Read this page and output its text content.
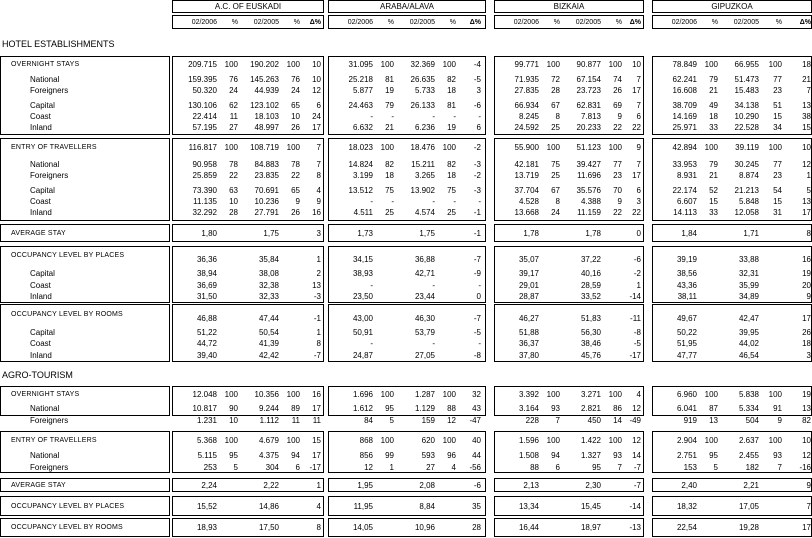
A.C. OF EUSKADI
02/2006	%	02/2005	%	Δ%
ARABA/ALAVA
02/2006	%	02/2005	%	Δ%
BIZKAIA
02/2006	%	02/2005	%	Δ%
GIPUZKOA
02/2006	%	02/2005	%	Δ%
HOTEL ESTABLISHMENTS
OVERNIGHT STAYS	209.715 100	190.202 100	10	31.095 100	32.369 100	-4	99.771 100	90.877 100	10	78.849 100	66.955	100	18
National	159.395	76	145.263	76	10	25.218	81	26.635	82	-5	71.935	72	67.154	74	7	62.241	79	51.473	77	21
Foreigners	50.320	24	44.939	24	12	5.877	19	5.733	18	3	27.835	28	23.723	26	17	16.608	21	15.483	23	7
Capital	130.106	62	123.102	65	6	24.463	79	26.133	81	-6	66.934	67	62.831	69	7	38.709	49	34.138	51	13
Coast	22.414	11	18.103	10	24	-	-	-	-	-	8.245	8	7.813	9	6	14.169	18	10.290	15	38
Inland	57.195	27	48.997	26	17	6.632	21	6.236	19	6	24.592	25	20.233	22	22	25.971	33	22.528	34	15
ENTRY OF TRAVELLERS	116.817 100	108.719 100	7	18.023 100	18.476 100	-2	55.900 100	51.123 100	9	42.894 100	39.119	100	10
National	90.958	78	84.883	78	7	14.824	82	15.211	82	-3	42.181	75	39.427	77	7	33.953	79	30.245	77	12
Foreigners	25.859	22	23.835	22	8	3.199	18	3.265	18	-2	13.719	25	11.696	23	17	8.931	21	8.874	23	1
Capital	73.390	63	70.691	65	4	13.512	75	13.902	75	-3	37.704	67	35.576	70	6	22.174	52	21.213	54	5
Coast	11.135	10	10.236	9	9	-	-	-	-	-	4.528	8	4.388	9	3	6.607	15	5.848	15	13
Inland	32.292	28	27.791	26	16	4.511	25	4.574	25	-1	13.668	24	11.159	22	22	14.113	33	12.058	31	17
AVERAGE STAY	1,80	1,75	3	1,73	1,75	-1	1,78	1,78	0	1,84	1,71	8
OCCUPANCY LEVEL BY PLACES	36,36	35,84	1	34,15	36,88	-7	35,07	37,22	-6	39,19	33,88	16
Capital	38,94	38,08	2	38,93	42,71	-9	39,17	40,16	-2	38,56	32,31	19
Coast	36,69	32,38	13	-	-	-	29,01	28,59	1	43,36	35,99	20
Inland	31,50	32,33	-3	23,50	23,44	0	28,87	33,52	-14	38,11	34,89	9
OCCUPANCY LEVEL BY ROOMS	46,88	47,44	-1	43,00	46,30	-7	46,27	51,83	-11	49,67	42,47	17
Capital	51,22	50,54	1	50,91	53,79	-5	51,88	56,30	-8	50,22	39,95	26
Coast	44,72	41,39	8	-	-	-	36,37	38,46	-5	51,95	44,02	18
Inland	39,40	42,42	-7	24,87	27,05	-8	37,80	45,76	-17	47,77	46,54	3
AGRO-TOURISM
OVERNIGHT STAYS	12.048 100	10.356 100	16	1.696 100	1.287 100	32	3.392 100	3.271 100	4	6.960 100	5.838	100	19
National	10.817	90	9.244	89	17	1.612	95	1.129	88	43	3.164	93	2.821	86	12	6.041	87	5.334	91	13
Foreigners	1.231	10	1.112	11	11	84	5	159	12	-47	228	7	450	14 -49	919	13	504	9	82
ENTRY OF TRAVELLERS	5.368 100	4.679 100	15	868 100	620 100	40	1.596 100	1.422 100	12	2.904 100	2.637	100	10
National	5.115	95	4.375	94	17	856	99	593	96	44	1.508	94	1.327	93	14	2.751	95	2.455	93	12
Foreigners	253	5	304	6	-17	12	1	27	4	-56	88	6	95	7	-7	153	5	182	7	-16
AVERAGE STAY	2,24	2,22	1	1,95	2,08	-6	2,13	2,30	-7	2,40	2,21	9
OCCUPANCY LEVEL BY PLACES	15,52	14,86	4	11,95	8,84	35	13,34	15,45	-14	18,32	17,05	7
OCCUPANCY LEVEL BY ROOMS	18,93	17,50	8	14,05	10,96	28	16,44	18,97	-13	22,54	19,28	17
